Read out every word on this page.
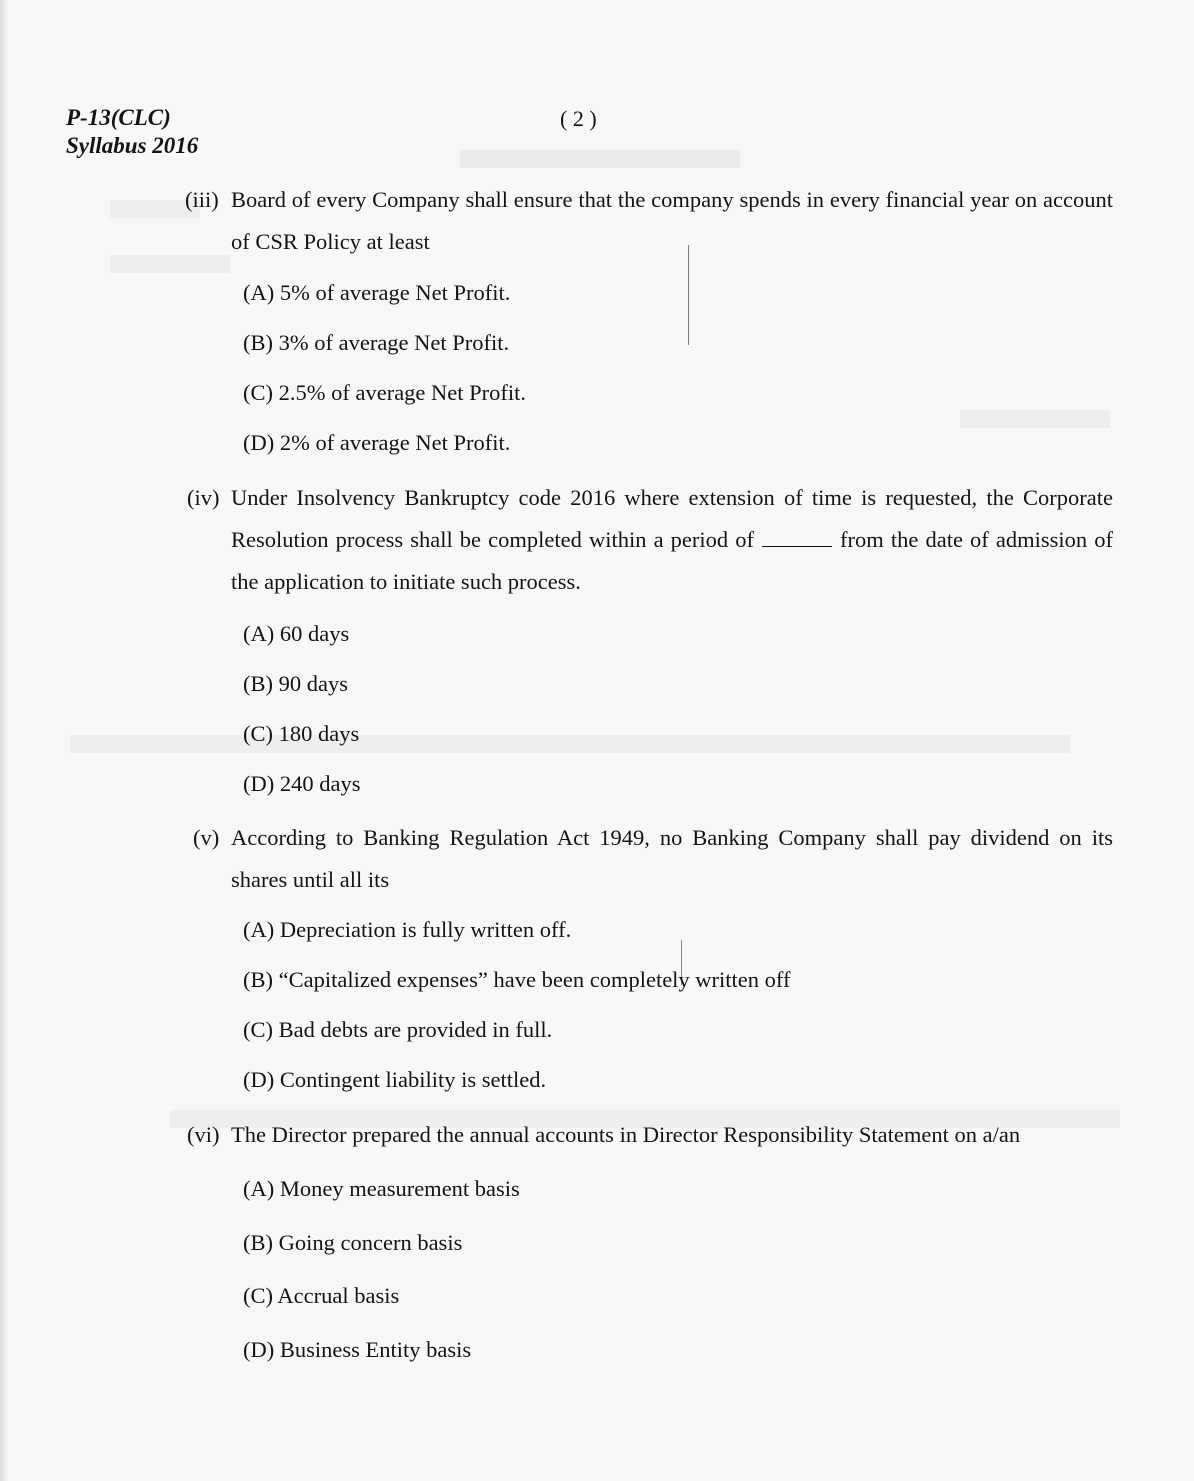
P-13(CLC)
Syllabus 2016
( 2 )
(iii) Board of every Company shall ensure that the company spends in every financial year on account of CSR Policy at least
(A) 5% of average Net Profit.
(B) 3% of average Net Profit.
(C) 2.5% of average Net Profit.
(D) 2% of average Net Profit.
(iv) Under Insolvency Bankruptcy code 2016 where extension of time is requested, the Corporate Resolution process shall be completed within a period of	from the date of admission of the application to initiate such process.
(A) 60 days
(B) 90 days
(C) 180 days
(D) 240 days
(v) According to Banking Regulation Act 1949, no Banking Company shall pay dividend on its shares until all its
(A) Depreciation is fully written off.
(B) “Capitalized expenses” have been completely written off
(C) Bad debts are provided in full.
(D) Contingent liability is settled.
(vi) The Director prepared the annual accounts in Director Responsibility Statement on a/an
(A) Money measurement basis
(B) Going concern basis
(C) Accrual basis
(D) Business Entity basis
